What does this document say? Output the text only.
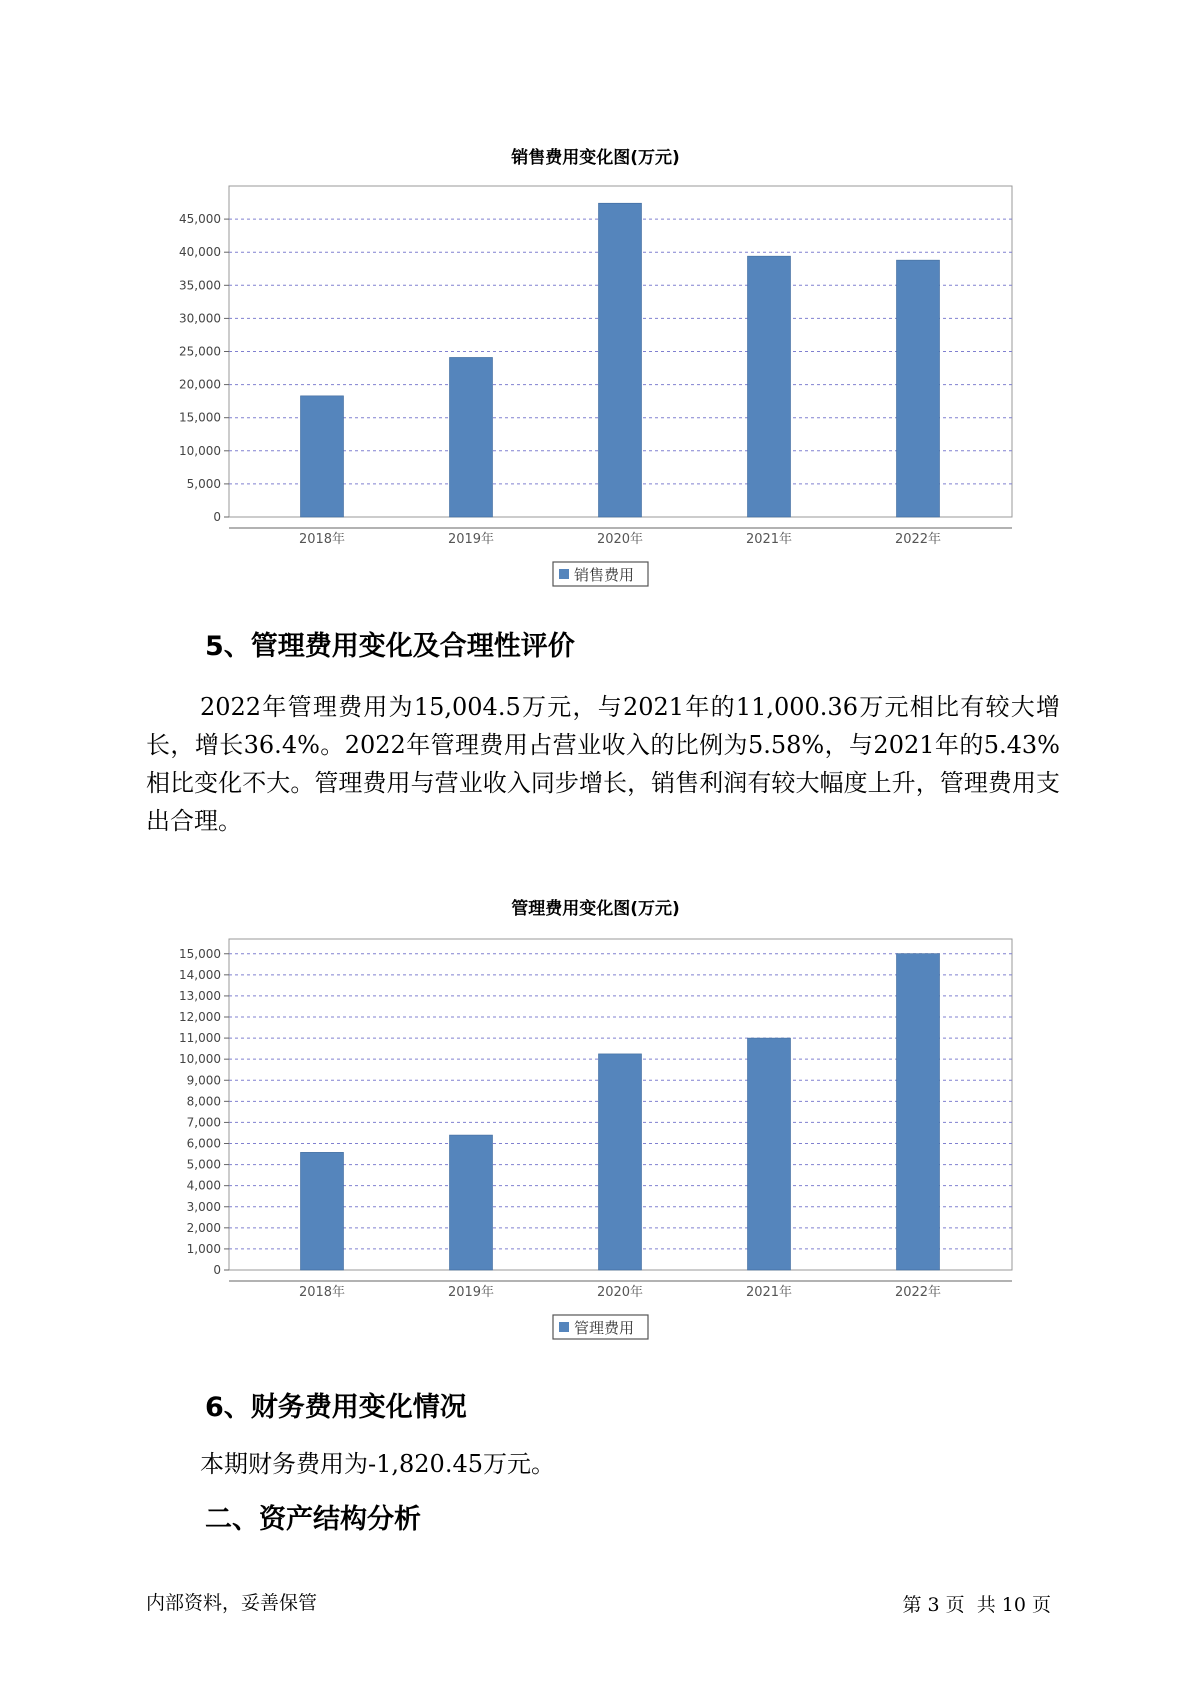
销售费用变化图(万元)
0
5,000
10,000
15,000
20,000
25,000
30,000
35,000
40,000
45,000
2018年	2019年	2020年	2021年	2022年
销售费用
5、管理费用变化及合理性评价
2022年管理费用为15,004.5万元，与2021年的11,000.36万元相比有较大增长，增长36.4%。2022年管理费用占营业收入的比例为5.58%，与2021年的5.43%相比变化不大。管理费用与营业收入同步增长，销售利润有较大幅度上升，管理费用支出合理。
管理费用变化图(万元)
0
1,000
2,000
3,000
4,000
5,000
6,000
7,000
8,000
9,000
10,000
11,000
12,000
13,000
14,000
15,000
2018年	2019年	2020年	2021年	2022年
管理费用
6、财务费用变化情况
本期财务费用为-1,820.45万元。
二、资产结构分析
内部资料，妥善保管	第 3 页  共 10 页
